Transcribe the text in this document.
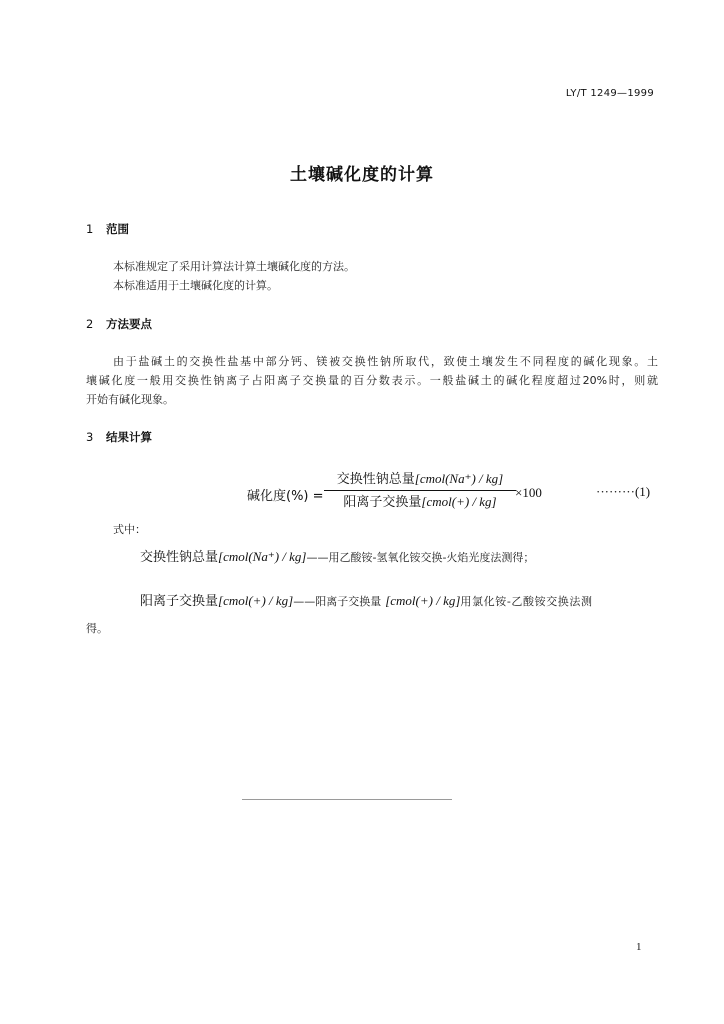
LY/T 1249—1999
土壤碱化度的计算
1 范围
本标准规定了采用计算法计算土壤碱化度的方法。
本标准适用于土壤碱化度的计算。
2 方法要点
由于盐碱土的交换性盐基中部分钙、镁被交换性钠所取代，致使土壤发生不同程度的碱化现象。土
壤碱化度一般用交换性钠离子占阳离子交换量的百分数表示。一般盐碱土的碱化程度超过20%时，则就
开始有碱化现象。
3 结果计算
碱化度(%) =
交换性钠总量[cmol(Na⁺) / kg]
阳离子交换量[cmol(+) / kg]
×100	·········(1)
式中：
交换性钠总量[cmol(Na⁺) / kg]——用乙酸铵-氢氧化铵交换-火焰光度法测得；
阳离子交换量[cmol(+) / kg]——阳离子交换量 [cmol(+) / kg]用氯化铵-乙酸铵交换法测
得。
1
